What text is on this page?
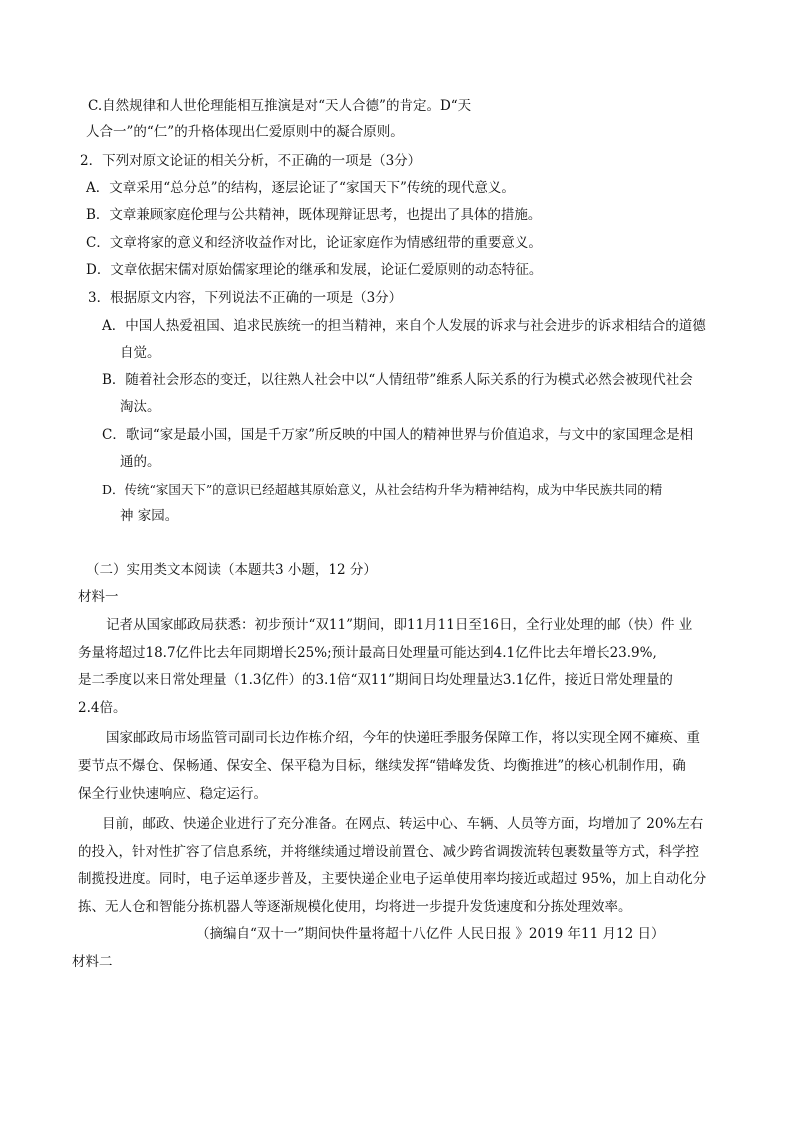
C.自然规律和人世伦理能相互推演是对“天人合德”的肯定。D“天
人合一”的“仁”的升格体现出仁爱原则中的凝合原则。
2．下列对原文论证的相关分析，不正确的一项是（3分）
A．文章采用“总分总”的结构，逐层论证了“家国天下”传统的现代意义。
B．文章兼顾家庭伦理与公共精神，既体现辩证思考，也提出了具体的措施。
C．文章将家的意义和经济收益作对比，论证家庭作为情感纽带的重要意义。
D．文章依据宋儒对原始儒家理论的继承和发展，论证仁爱原则的动态特征。
3．根据原文内容，下列说法不正确的一项是（3分）
A．中国人热爱祖国、追求民族统一的担当精神，来自个人发展的诉求与社会进步的诉求相结合的道德
自觉。
B．随着社会形态的变迁，以往熟人社会中以“人情纽带”维系人际关系的行为模式必然会被现代社会
淘汰。
C．歌词“家是最小国，国是千万家”所反映的中国人的精神世界与价值追求，与文中的家国理念是相
通的。
D．传统“家国天下”的意识已经超越其原始意义，从社会结构升华为精神结构，成为中华民族共同的精
神 家园。
（二）实用类文本阅读（本题共3 小题，12 分）
材料一
记者从国家邮政局获悉：初步预计“双11”期间，即11月11日至16日，全行业处理的邮（快）件 业
务量将超过18.7亿件比去年同期增长25%;预计最高日处理量可能达到4.1亿件比去年增长23.9%,
是二季度以来日常处理量（1.3亿件）的3.1倍“双11”期间日均处理量达3.1亿件，接近日常处理量的
2.4倍。
国家邮政局市场监管司副司长边作栋介绍，今年的快递旺季服务保障工作，将以实现全网不瘫痪、重
要节点不爆仓、保畅通、保安全、保平稳为目标，继续发挥“错峰发货、均衡推进”的核心机制作用，确
保全行业快速响应、稳定运行。
目前，邮政、快递企业进行了充分准备。在网点、转运中心、车辆、人员等方面，均增加了 20%左右
的投入，针对性扩容了信息系统，并将继续通过增设前置仓、减少跨省调拨流转包裹数量等方式，科学控
制揽投进度。同时，电子运单逐步普及，主要快递企业电子运单使用率均接近或超过 95%，加上自动化分
拣、无人仓和智能分拣机器人等逐渐规模化使用，均将进一步提升发货速度和分拣处理效率。
（摘编自“双十一”期间快件量将超十八亿件 人民日报 》2019 年11 月12 日）
材料二
